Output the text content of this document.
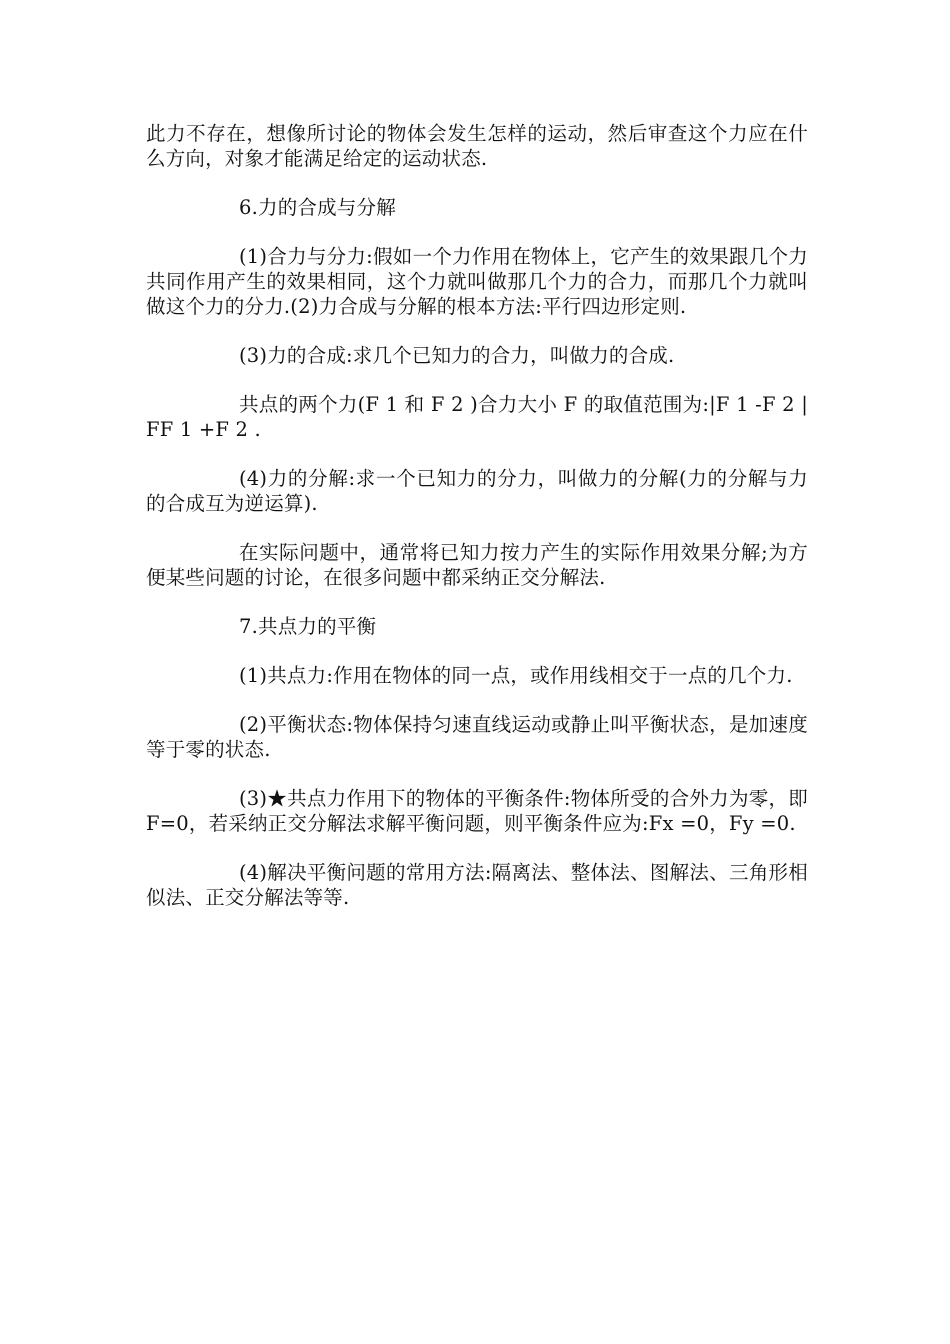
此力不存在，想像所讨论的物体会发生怎样的运动，然后审查这个力应在什么方向，对象才能满足给定的运动状态.

6.力的合成与分解

(1)合力与分力:假如一个力作用在物体上，它产生的效果跟几个力共同作用产生的效果相同，这个力就叫做那几个力的合力，而那几个力就叫做这个力的分力.(2)力合成与分解的根本方法:平行四边形定则.

(3)力的合成:求几个已知力的合力，叫做力的合成.

共点的两个力(F 1 和 F 2 )合力大小 F 的取值范围为:|F 1 -F 2 |FF 1 +F 2 .

(4)力的分解:求一个已知力的分力，叫做力的分解(力的分解与力的合成互为逆运算).

在实际问题中，通常将已知力按力产生的实际作用效果分解;为方便某些问题的讨论，在很多问题中都采纳正交分解法.

7.共点力的平衡

(1)共点力:作用在物体的同一点，或作用线相交于一点的几个力.

(2)平衡状态:物体保持匀速直线运动或静止叫平衡状态，是加速度等于零的状态.

(3)★共点力作用下的物体的平衡条件:物体所受的合外力为零，即 F=0，若采纳正交分解法求解平衡问题，则平衡条件应为:Fx =0，Fy =0.

(4)解决平衡问题的常用方法:隔离法、整体法、图解法、三角形相似法、正交分解法等等.
